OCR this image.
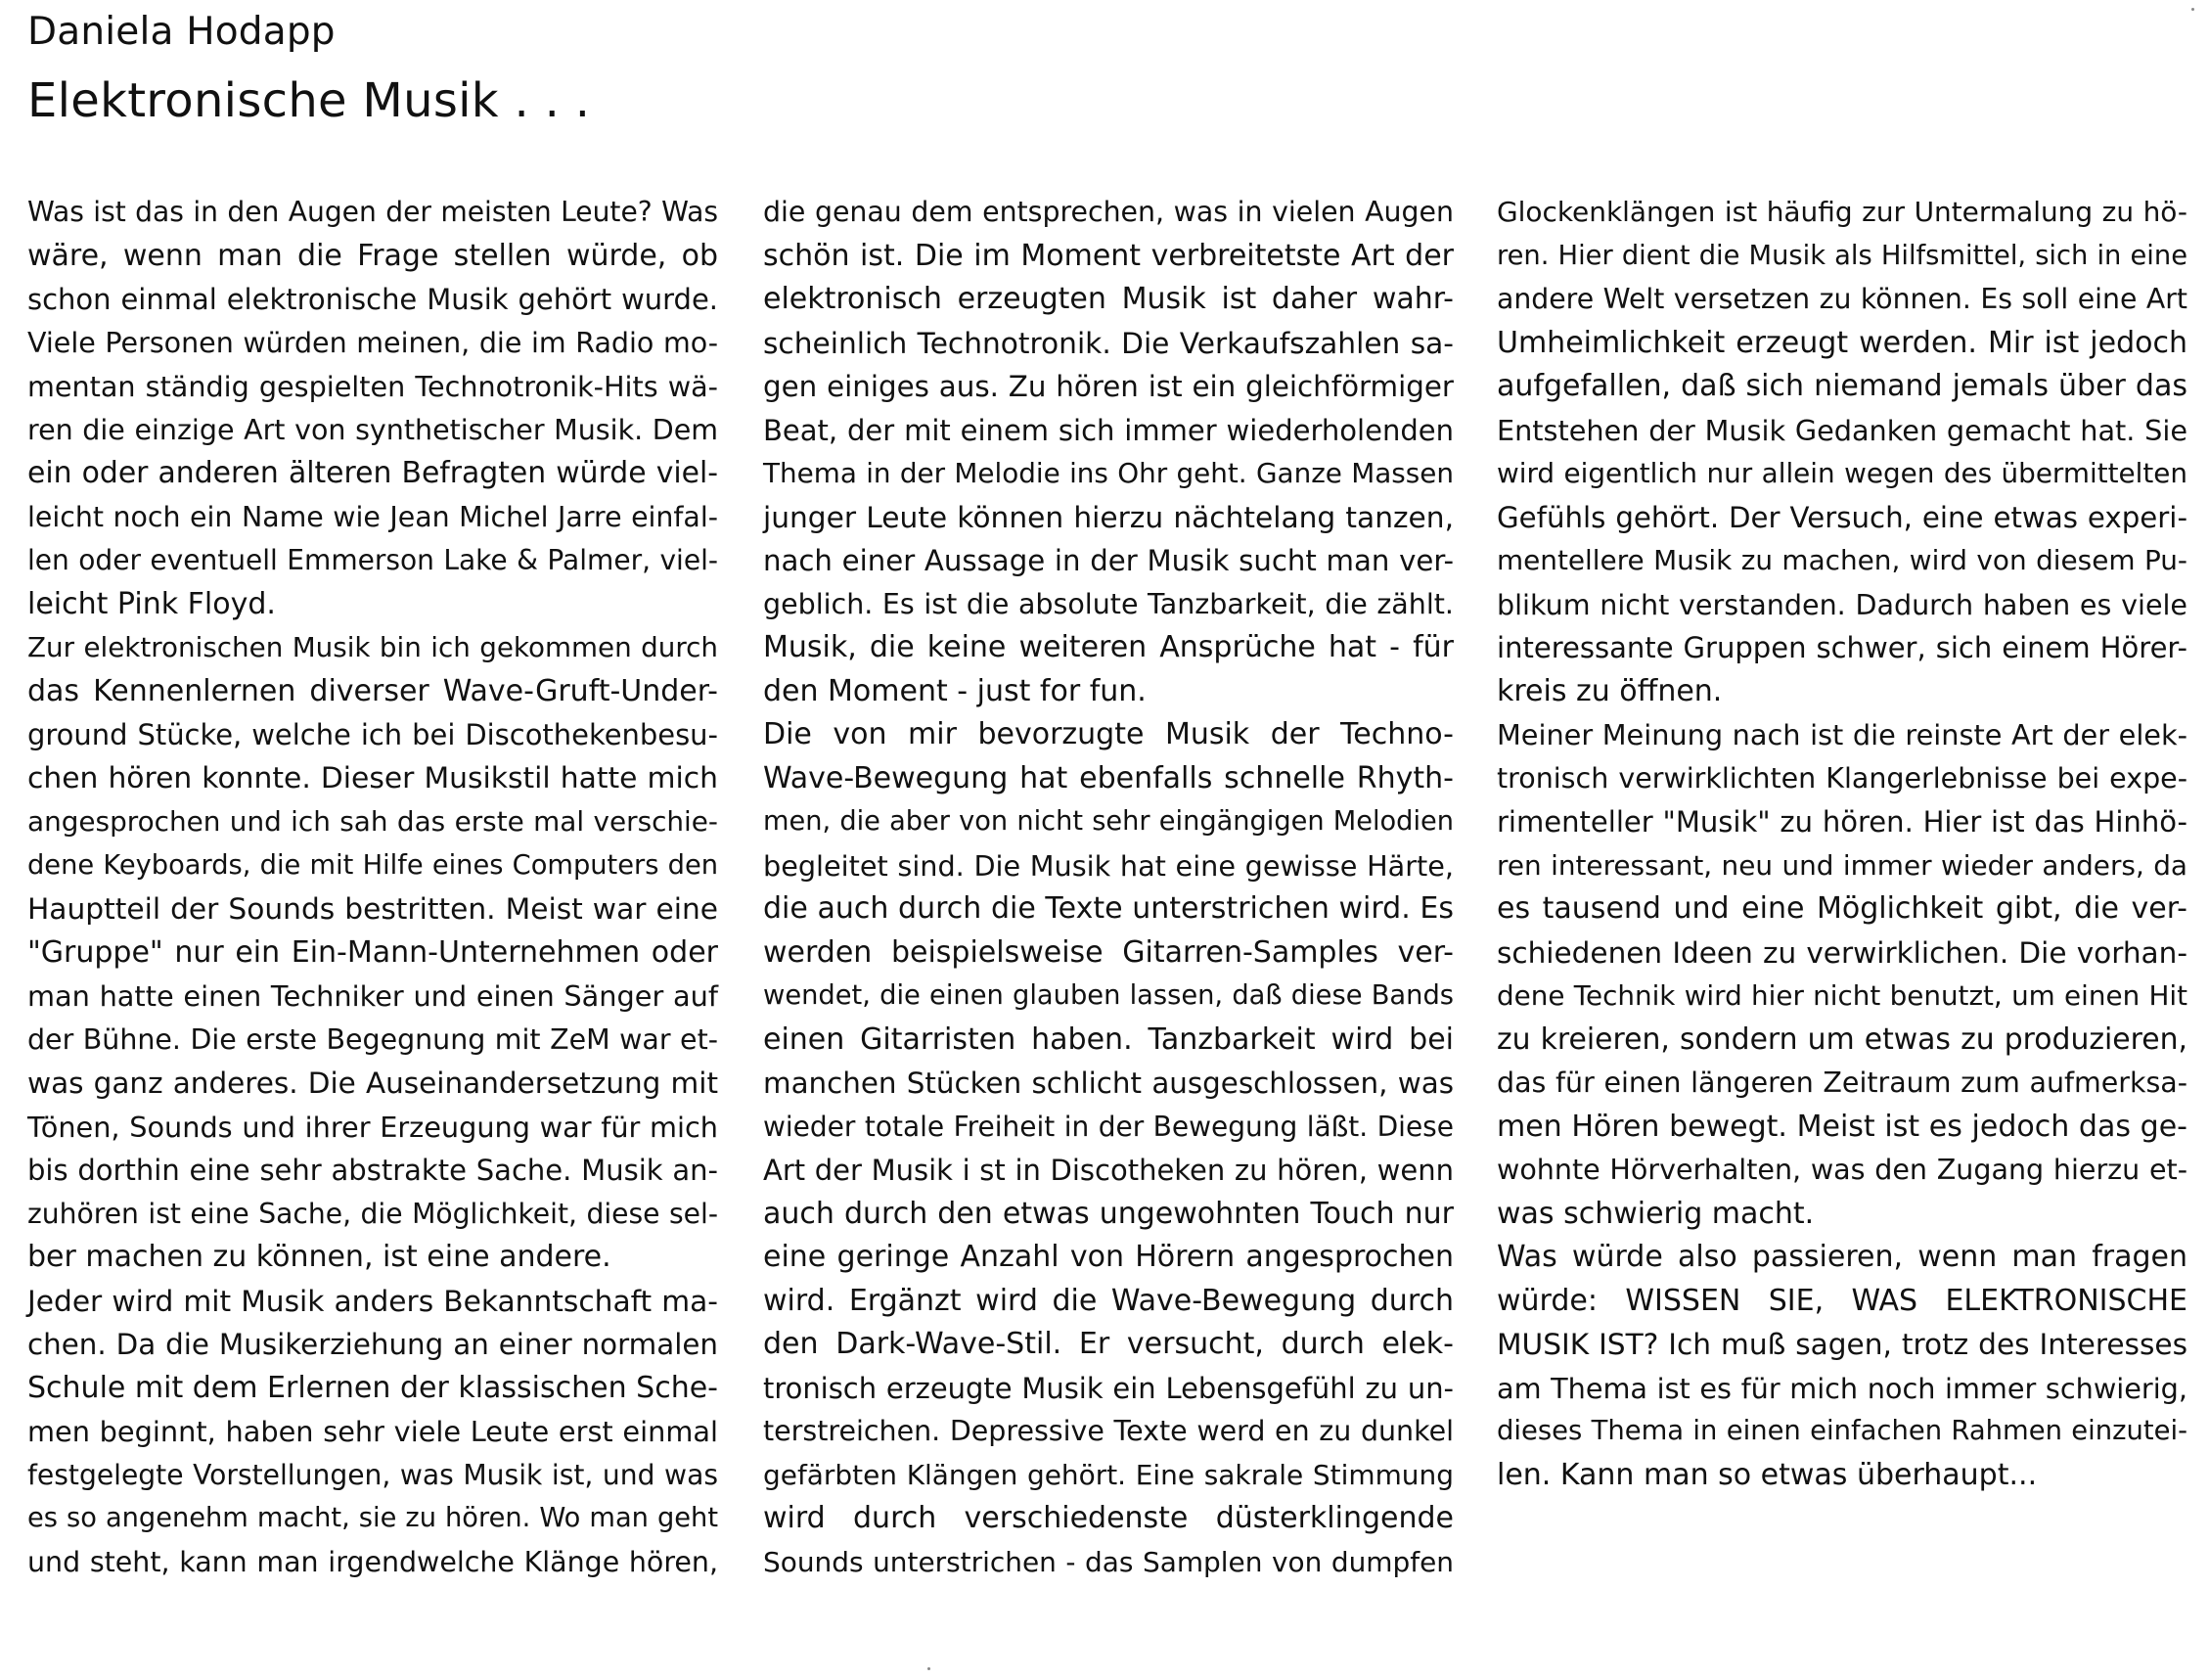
Daniela Hodapp
Elektronische Musik . . .

Was ist das in den Augen der meisten Leute? Was
wäre, wenn man die Frage stellen würde, ob
schon einmal elektronische Musik gehört wurde.
Viele Personen würden meinen, die im Radio mo-
mentan ständig gespielten Technotronik-Hits wä-
ren die einzige Art von synthetischer Musik. Dem
ein oder anderen älteren Befragten würde viel-
leicht noch ein Name wie Jean Michel Jarre einfal-
len oder eventuell Emmerson Lake & Palmer, viel-
leicht Pink Floyd.

Zur elektronischen Musik bin ich gekommen durch
das Kennenlernen diverser Wave-Gruft-Under-
ground Stücke, welche ich bei Discothekenbesu-
chen hören konnte. Dieser Musikstil hatte mich
angesprochen und ich sah das erste mal verschie-
dene Keyboards, die mit Hilfe eines Computers den
Hauptteil der Sounds bestritten. Meist war eine
"Gruppe" nur ein Ein-Mann-Unternehmen oder
man hatte einen Techniker und einen Sänger auf
der Bühne. Die erste Begegnung mit ZeM war et-
was ganz anderes. Die Auseinandersetzung mit
Tönen, Sounds und ihrer Erzeugung war für mich
bis dorthin eine sehr abstrakte Sache. Musik an-
zuhören ist eine Sache, die Möglichkeit, diese sel-
ber machen zu können, ist eine andere.

Jeder wird mit Musik anders Bekanntschaft ma-
chen. Da die Musikerziehung an einer normalen
Schule mit dem Erlernen der klassischen Sche-
men beginnt, haben sehr viele Leute erst einmal
festgelegte Vorstellungen, was Musik ist, und was
es so angenehm macht, sie zu hören. Wo man geht
und steht, kann man irgendwelche Klänge hören,

die genau dem entsprechen, was in vielen Augen
schön ist. Die im Moment verbreitetste Art der
elektronisch erzeugten Musik ist daher wahr-
scheinlich Technotronik. Die Verkaufszahlen sa-
gen einiges aus. Zu hören ist ein gleichförmiger
Beat, der mit einem sich immer wiederholenden
Thema in der Melodie ins Ohr geht. Ganze Massen
junger Leute können hierzu nächtelang tanzen,
nach einer Aussage in der Musik sucht man ver-
geblich. Es ist die absolute Tanzbarkeit, die zählt.
Musik, die keine weiteren Ansprüche hat - für
den Moment - just for fun.

Die von mir bevorzugte Musik der Techno-
Wave-Bewegung hat ebenfalls schnelle Rhyth-
men, die aber von nicht sehr eingängigen Melodien
begleitet sind. Die Musik hat eine gewisse Härte,
die auch durch die Texte unterstrichen wird. Es
werden beispielsweise Gitarren-Samples ver-
wendet, die einen glauben lassen, daß diese Bands
einen Gitarristen haben. Tanzbarkeit wird bei
manchen Stücken schlicht ausgeschlossen, was
wieder totale Freiheit in der Bewegung läßt. Diese
Art der Musik i st in Discotheken zu hören, wenn
auch durch den etwas ungewohnten Touch nur
eine geringe Anzahl von Hörern angesprochen
wird. Ergänzt wird die Wave-Bewegung durch
den Dark-Wave-Stil. Er versucht, durch elek-
tronisch erzeugte Musik ein Lebensgefühl zu un-
terstreichen. Depressive Texte werd en zu dunkel
gefärbten Klängen gehört. Eine sakrale Stimmung
wird durch verschiedenste düsterklingende
Sounds unterstrichen - das Samplen von dumpfen

Glockenklängen ist häufig zur Untermalung zu hö-
ren. Hier dient die Musik als Hilfsmittel, sich in eine
andere Welt versetzen zu können. Es soll eine Art
Umheimlichkeit erzeugt werden. Mir ist jedoch
aufgefallen, daß sich niemand jemals über das
Entstehen der Musik Gedanken gemacht hat. Sie
wird eigentlich nur allein wegen des übermittelten
Gefühls gehört. Der Versuch, eine etwas experi-
mentellere Musik zu machen, wird von diesem Pu-
blikum nicht verstanden. Dadurch haben es viele
interessante Gruppen schwer, sich einem Hörer-
kreis zu öffnen.

Meiner Meinung nach ist die reinste Art der elek-
tronisch verwirklichten Klangerlebnisse bei expe-
rimenteller "Musik" zu hören. Hier ist das Hinhö-
ren interessant, neu und immer wieder anders, da
es tausend und eine Möglichkeit gibt, die ver-
schiedenen Ideen zu verwirklichen. Die vorhan-
dene Technik wird hier nicht benutzt, um einen Hit
zu kreieren, sondern um etwas zu produzieren,
das für einen längeren Zeitraum zum aufmerksa-
men Hören bewegt. Meist ist es jedoch das ge-
wohnte Hörverhalten, was den Zugang hierzu et-
was schwierig macht.

Was würde also passieren, wenn man fragen
würde: WISSEN SIE, WAS ELEKTRONISCHE
MUSIK IST? Ich muß sagen, trotz des Interesses
am Thema ist es für mich noch immer schwierig,
dieses Thema in einen einfachen Rahmen einzutei-
len. Kann man so etwas überhaupt...
